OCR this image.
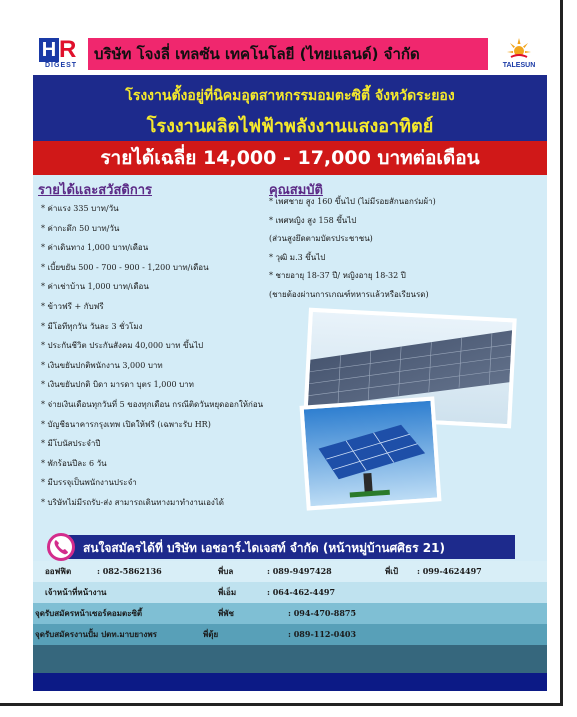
H R
DIGEST
บริษัท โจงลี่ เทลซัน เทคโนโลยี (ไทยแลนด์) จำกัด
TALESUN
โรงงานตั้งอยู่ที่นิคมอุตสาหกรรมอมตะซิตี้ จังหวัดระยอง
โรงงานผลิตไฟฟ้าพลังงานแสงอาทิตย์
รายได้เฉลี่ย 14,000 - 17,000 บาทต่อเดือน
รายได้และสวัสดิการ
* ค่าแรง 335 บาท/วัน
* ค่ากะดึก 50 บาท/วัน
* ค่าเดินทาง 1,000 บาท/เดือน
* เบี้ยขยัน 500 - 700 - 900 - 1,200 บาท/เดือน
* ค่าเช่าบ้าน 1,000 บาท/เดือน
* ข้าวฟรี + กับฟรี
* มีโอทีทุกวัน วันละ 3 ชั่วโมง
* ประกันชีวิต ประกันสังคม 40,000 บาท ขึ้นไป
* เงินขยันปกติพนักงาน 3,000 บาท
* เงินขยันปกติ บิดา มารดา บุตร 1,000 บาท
* จ่ายเงินเดือนทุกวันที่ 5 ของทุกเดือน กรณีติดวันหยุดออกให้ก่อน
* บัญชีธนาคารกรุงเทพ เปิดให้ฟรี (เฉพาะรับ HR)
* มีโบนัสประจำปี
* พักร้อนปีละ 6 วัน
* มีบรรจุเป็นพนักงานประจำ
* บริษัทไม่มีรถรับ-ส่ง สามารถเดินทางมาทำงานเองได้
คุณสมบัติ
* เพศชาย สูง 160 ขึ้นไป (ไม่มีรอยสักนอกร่มผ้า)
* เพศหญิง สูง 158 ขึ้นไป
(ส่วนสูงยึดตามบัตรประชาชน)
* วุฒิ ม.3 ขึ้นไป
* ชายอายุ 18-37 ปี/ หญิงอายุ 18-32 ปี
(ชายต้องผ่านการเกณฑ์ทหารแล้วหรือเรียนรด)
สนใจสมัครได้ที่ บริษัท เอชอาร์.ไดเจสท์ จำกัด (หน้าหมู่บ้านศศิธร 21)
ออฟฟิต	: 082-5862136	พี่บล	: 089-9497428	พี่เป้ : 099-4624497
เจ้าหน้าที่หน้างาน	พี่เอ็ม	: 064-462-4497
จุดรับสมัครหน้าเซอร์คอมตะซิตี้	พี่พัช	: 094-470-8875
จุดรับสมัครงานปั้ม ปตท.มาบยางพร	พี่ตุ้ย	: 089-112-0403
